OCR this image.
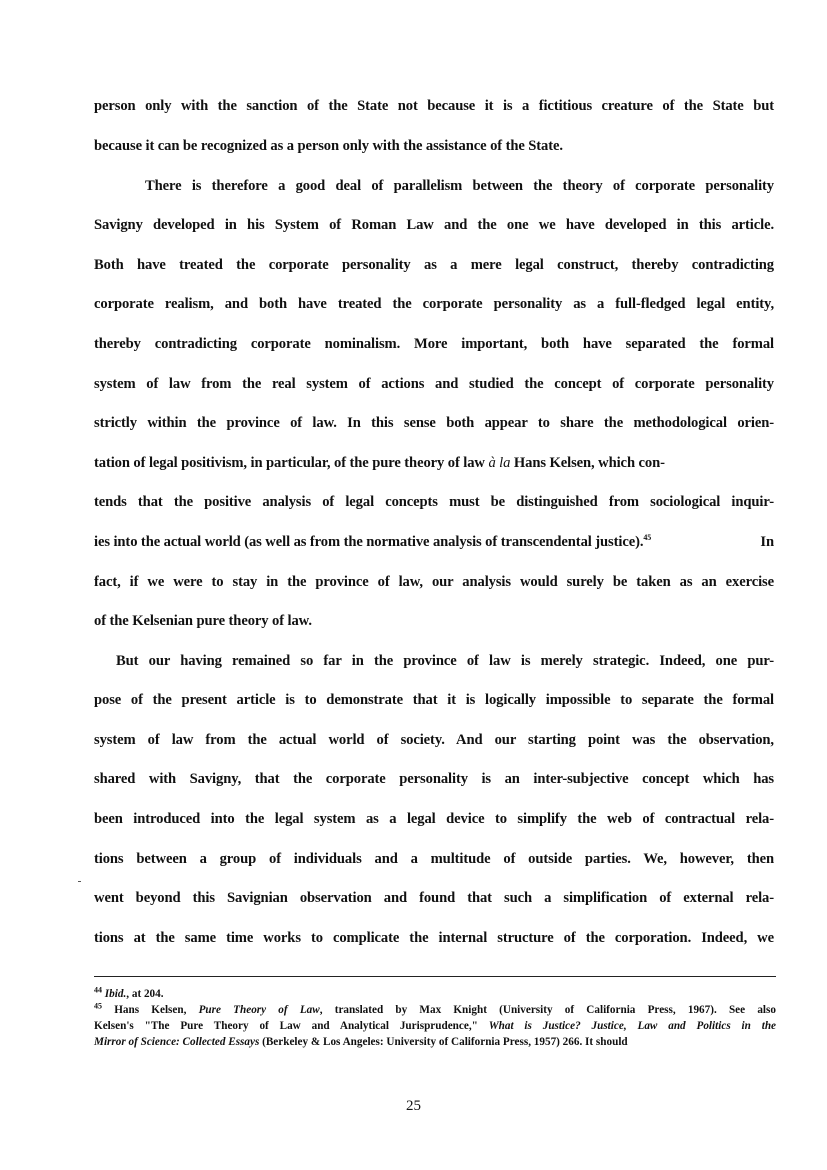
person only with the sanction of the State not because it is a fictitious creature of the State but
because it can be recognized as a person only with the assistance of the State.
There is therefore a good deal of parallelism between the theory of corporate personality
Savigny developed in his System of Roman Law and the one we have developed in this article.
Both have treated the corporate personality as a mere legal construct, thereby contradicting
corporate realism, and both have treated the corporate personality as a full-fledged legal entity,
thereby contradicting corporate nominalism. More important, both have separated the formal
system of law from the real system of actions and studied the concept of corporate personality
strictly within the province of law. In this sense both appear to share the methodological orien-
tation of legal positivism, in particular, of the pure theory of law à la Hans Kelsen, which con-
tends that the positive analysis of legal concepts must be distinguished from sociological inquir-
ies into the actual world (as well as from the normative analysis of transcendental justice).$^{45}$	In
fact, if we were to stay in the province of law, our analysis would surely be taken as an exercise
of the Kelsenian pure theory of law.
But our having remained so far in the province of law is merely strategic. Indeed, one pur-
pose of the present article is to demonstrate that it is logically impossible to separate the formal
system of law from the actual world of society. And our starting point was the observation,
shared with Savigny, that the corporate personality is an inter-subjective concept which has
been introduced into the legal system as a legal device to simplify the web of contractual rela-
tions between a group of individuals and a multitude of outside parties. We, however, then
went beyond this Savignian observation and found that such a simplification of external rela-
tions at the same time works to complicate the internal structure of the corporation. Indeed, we
$^{44}$ Ibid., at 204.
$^{45}$ Hans Kelsen, Pure Theory of Law, translated by Max Knight (University of California Press, 1967). See also
Kelsen's "The Pure Theory of Law and Analytical Jurisprudence," What is Justice? Justice, Law and Politics in the
Mirror of Science: Collected Essays (Berkeley & Los Angeles: University of California Press, 1957) 266. It should
25
